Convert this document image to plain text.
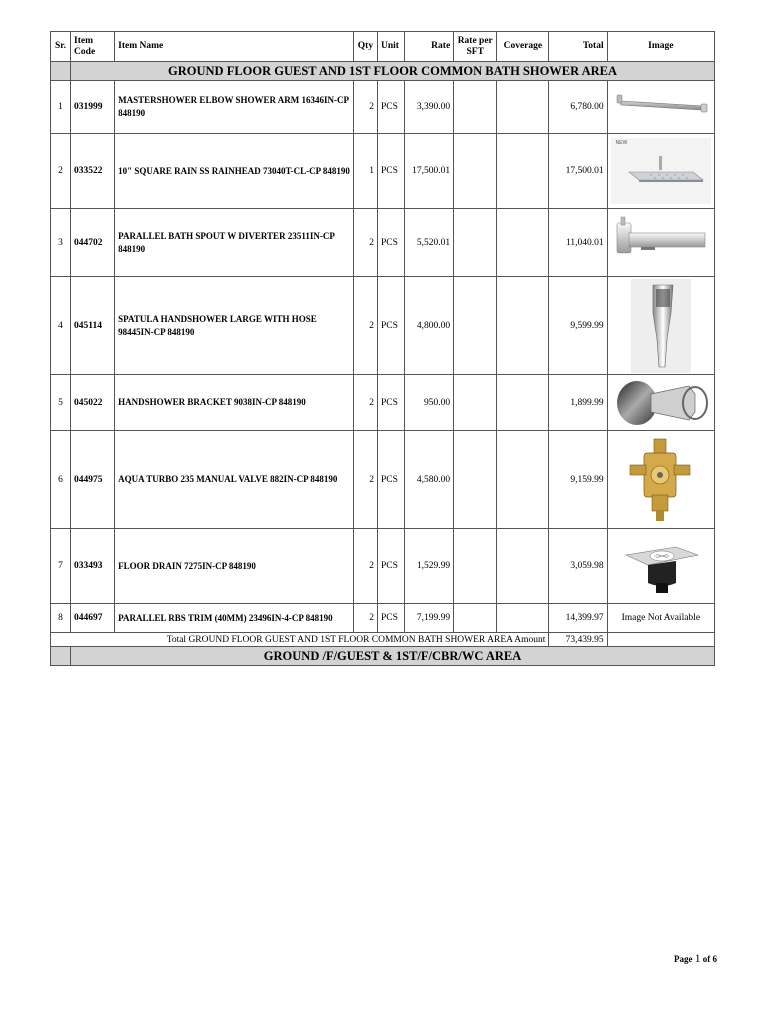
Sr.	Item Code	Item Name	Qty	Unit	Rate	Rate per SFT	Coverage	Total	Image
	GROUND FLOOR GUEST AND 1ST FLOOR COMMON BATH SHOWER AREA								
1	031999	MASTERSHOWER ELBOW SHOWER ARM 16346IN-CP 848190	2	PCS	3,390.00			6,780.00	

2	033522	10" SQUARE RAIN SS RAINHEAD 73040T-CL-CP 848190	1	PCS	17,500.01			17,500.01	NEW

3	044702	PARALLEL BATH SPOUT W DIVERTER 23511IN-CP 848190	2	PCS	5,520.01			11,040.01	

4	045114	SPATULA HANDSHOWER LARGE WITH HOSE 98445IN-CP 848190	2	PCS	4,800.00			9,599.99	

5	045022	HANDSHOWER BRACKET 9038IN-CP 848190	2	PCS	950.00			1,899.99	

6	044975	AQUA TURBO 235 MANUAL VALVE 882IN-CP 848190	2	PCS	4,580.00			9,159.99	

7	033493	FLOOR DRAIN 7275IN-CP 848190	2	PCS	1,529.99			3,059.98	

8	044697	PARALLEL RBS TRIM (40MM) 23496IN-4-CP 848190	2	PCS	7,199.99			14,399.97	Image Not Available
Total GROUND FLOOR GUEST AND 1ST FLOOR COMMON BATH SHOWER AREA Amount								73,439.95	
	GROUND /F/GUEST & 1ST/F/CBR/WC AREA								
Page 1 of 6
